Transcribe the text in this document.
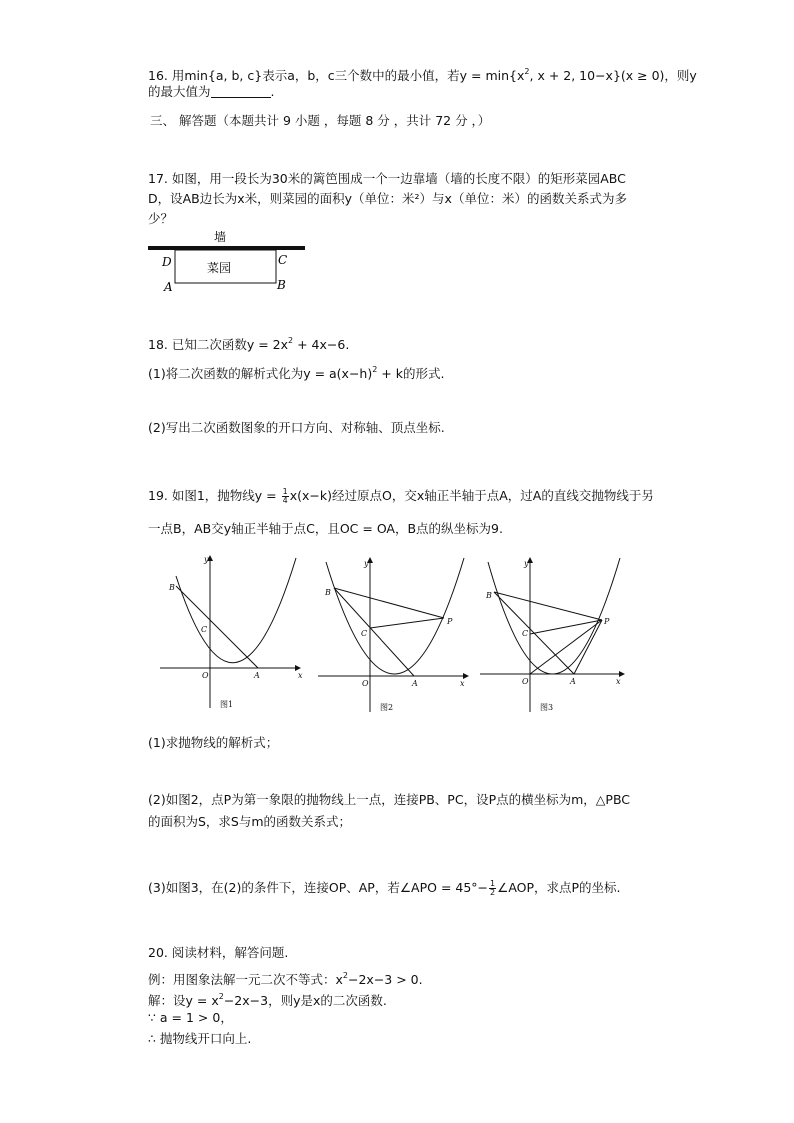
16. 用min{a, b, c}表示a，b，c三个数中的最小值，若$y = \min\{x^2$, x + 2, 10−x}(x ≥ 0)，则y
的最大值为	.
三、 解答题（本题共计 9 小题 ，每题 8 分 ，共计 72 分 ，）
17. 如图，用一段长为30米的篱笆围成一个一边靠墙（墙的长度不限）的矩形菜园ABC
D，设AB边长为x米，则菜园的面积y（单位：米²）与x（单位：米）的函数关系式为多
少？
墙
菜园
D	C
A	B
18. 已知二次函数$y = 2x^2 + 4x-6$.
(1)将二次函数的解析式化为$y = a(x-h)^2 + k$的形式.
(2)写出二次函数图象的开口方向、对称轴、顶点坐标.
19. 如图1，抛物线$y = \frac{1}{4} x(x-k)$经过原点O，交x轴正半轴于点A，过A的直线交抛物线于另
一点B，AB交y轴正半轴于点C，且OC = OA，B点的纵坐标为9.
y
x
B
C
O	A
图1
y
x
B
C
P
O	A
图2
y
x
B
C
P
O	A
图3
(1)求抛物线的解析式；
(2)如图2，点P为第一象限的抛物线上一点，连接PB、PC，设P点的横坐标为m，△PBC
的面积为S，求S与m的函数关系式；
(3)如图3，在(2)的条件下，连接OP、AP，若∠APO = $45^\circ- \frac{1}{2}$ ∠AOP，求点P的坐标.
20. 阅读材料，解答问题.
例：用图象法解一元二次不等式：$x^2-2x-3 > 0$.
解：设$y = x^2-2x-3$，则y是x的二次函数.
∵ a = 1 > 0，
∴ 抛物线开口向上.
